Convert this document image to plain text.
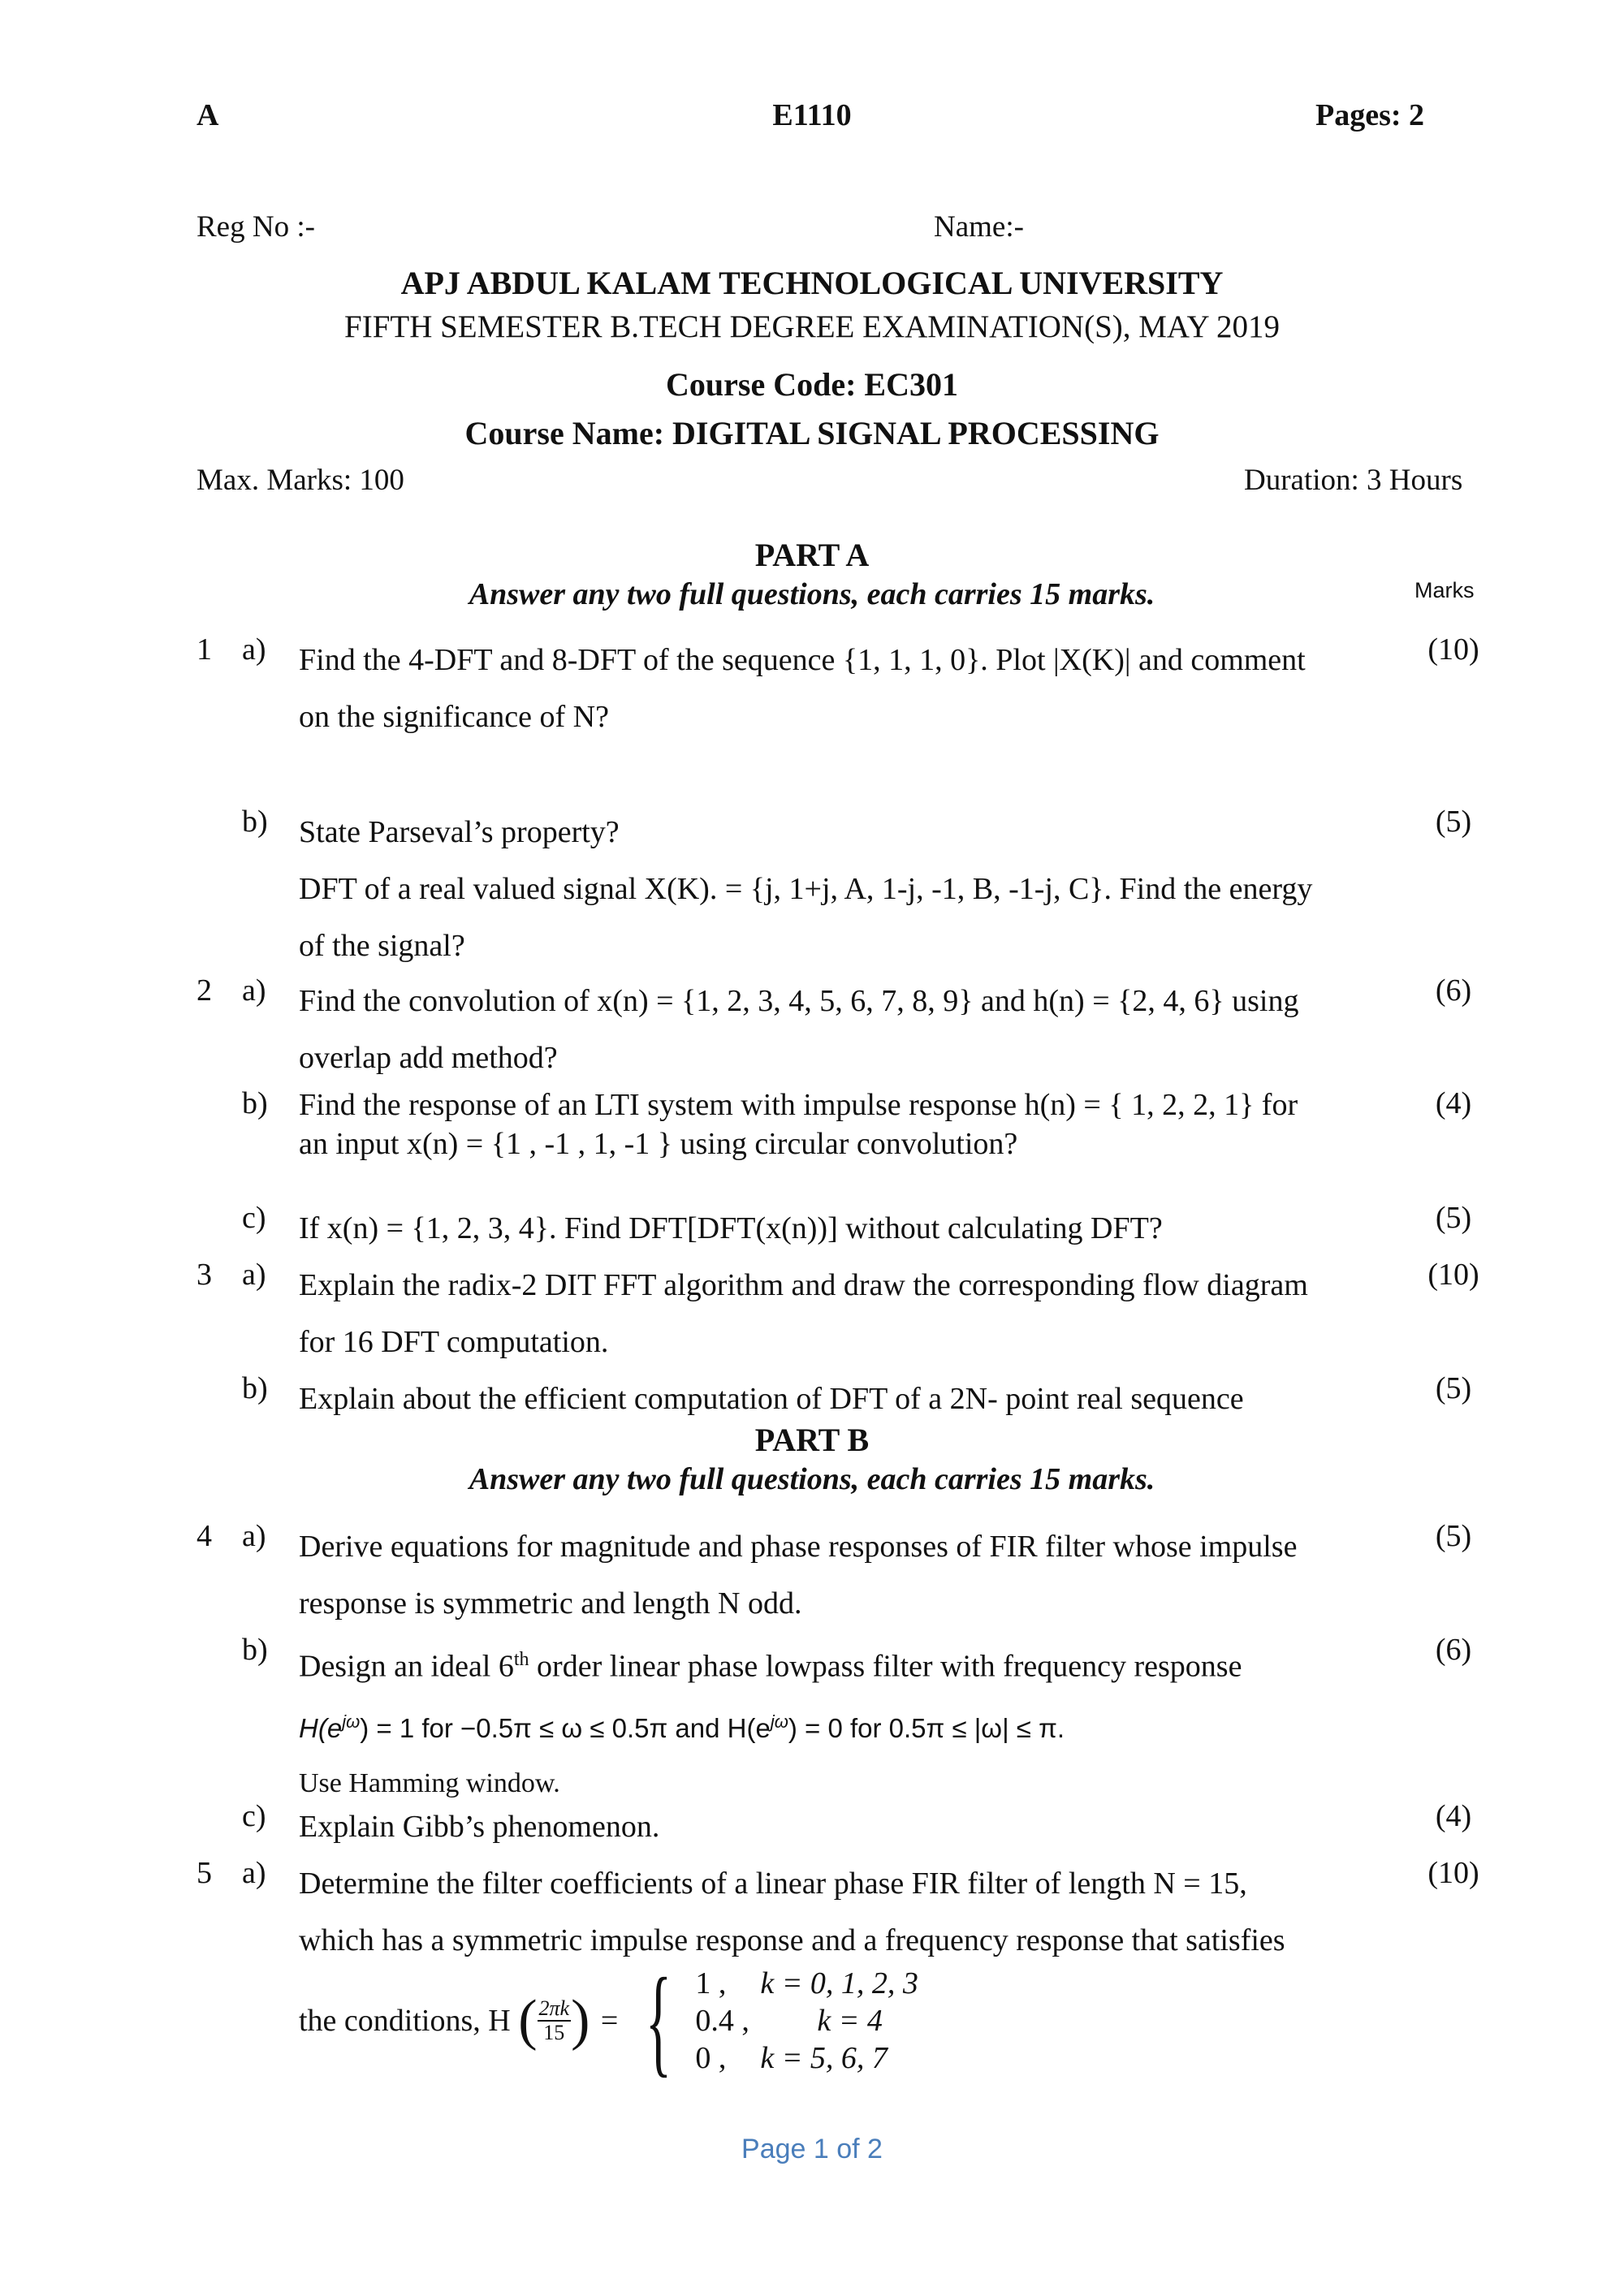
A	E1110	Pages: 2
Reg No :-	Name:-
APJ ABDUL KALAM TECHNOLOGICAL UNIVERSITY
FIFTH SEMESTER B.TECH DEGREE EXAMINATION(S), MAY 2019
Course Code: EC301
Course Name: DIGITAL SIGNAL PROCESSING
Max. Marks: 100	Duration: 3 Hours
PART A
Answer any two full questions, each carries 15 marks.	Marks
1 a) Find the 4-DFT and 8-DFT of the sequence {1, 1, 1, 0}. Plot |X(K)| and comment
on the significance of N?
(10)
b) State Parseval’s property?
DFT of a real valued signal X(K). = {j, 1+j, A, 1-j, -1, B, -1-j, C}. Find the energy
of the signal?
(5)
2 a) Find the convolution of x(n) = {1, 2, 3, 4, 5, 6, 7, 8, 9} and h(n) = {2, 4, 6} using
overlap add method?
(6)
b) Find the response of an LTI system with impulse response h(n) = { 1, 2, 2, 1} for
an input x(n) = {1 , -1 , 1, -1 } using circular convolution?
(4)
c) If x(n) = {1, 2, 3, 4}. Find DFT[DFT(x(n))] without calculating DFT?	(5)
3 a) Explain the radix-2 DIT FFT algorithm and draw the corresponding flow diagram
for 16 DFT computation.
(10)
b) Explain about the efficient computation of DFT of a 2N- point real sequence	(5)
PART B
Answer any two full questions, each carries 15 marks.
4 a) Derive equations for magnitude and phase responses of FIR filter whose impulse
response is symmetric and length N odd.
(5)
b) Design an ideal 6th order linear phase lowpass filter with frequency response
$H(e^{j\omega}) = 1$ for −0.5π ≤ ω ≤ 0.5π and $H(e^{j\omega}) = 0$ for 0.5π ≤ |ω| ≤ π.
Use Hamming window.
(6)
c) Explain Gibb’s phenomenon.	(4)
5 a) Determine the filter coefficients of a linear phase FIR filter of length N = 15,
which has a symmetric impulse response and a frequency response that satisfies
(10)
the conditions, H ( $\frac{2\pi k}{15}$ ) = { 1 , k = 0, 1, 2, 3
0.4 , k = 4
0 , k = 5, 6, 7
Page 1 of 2
